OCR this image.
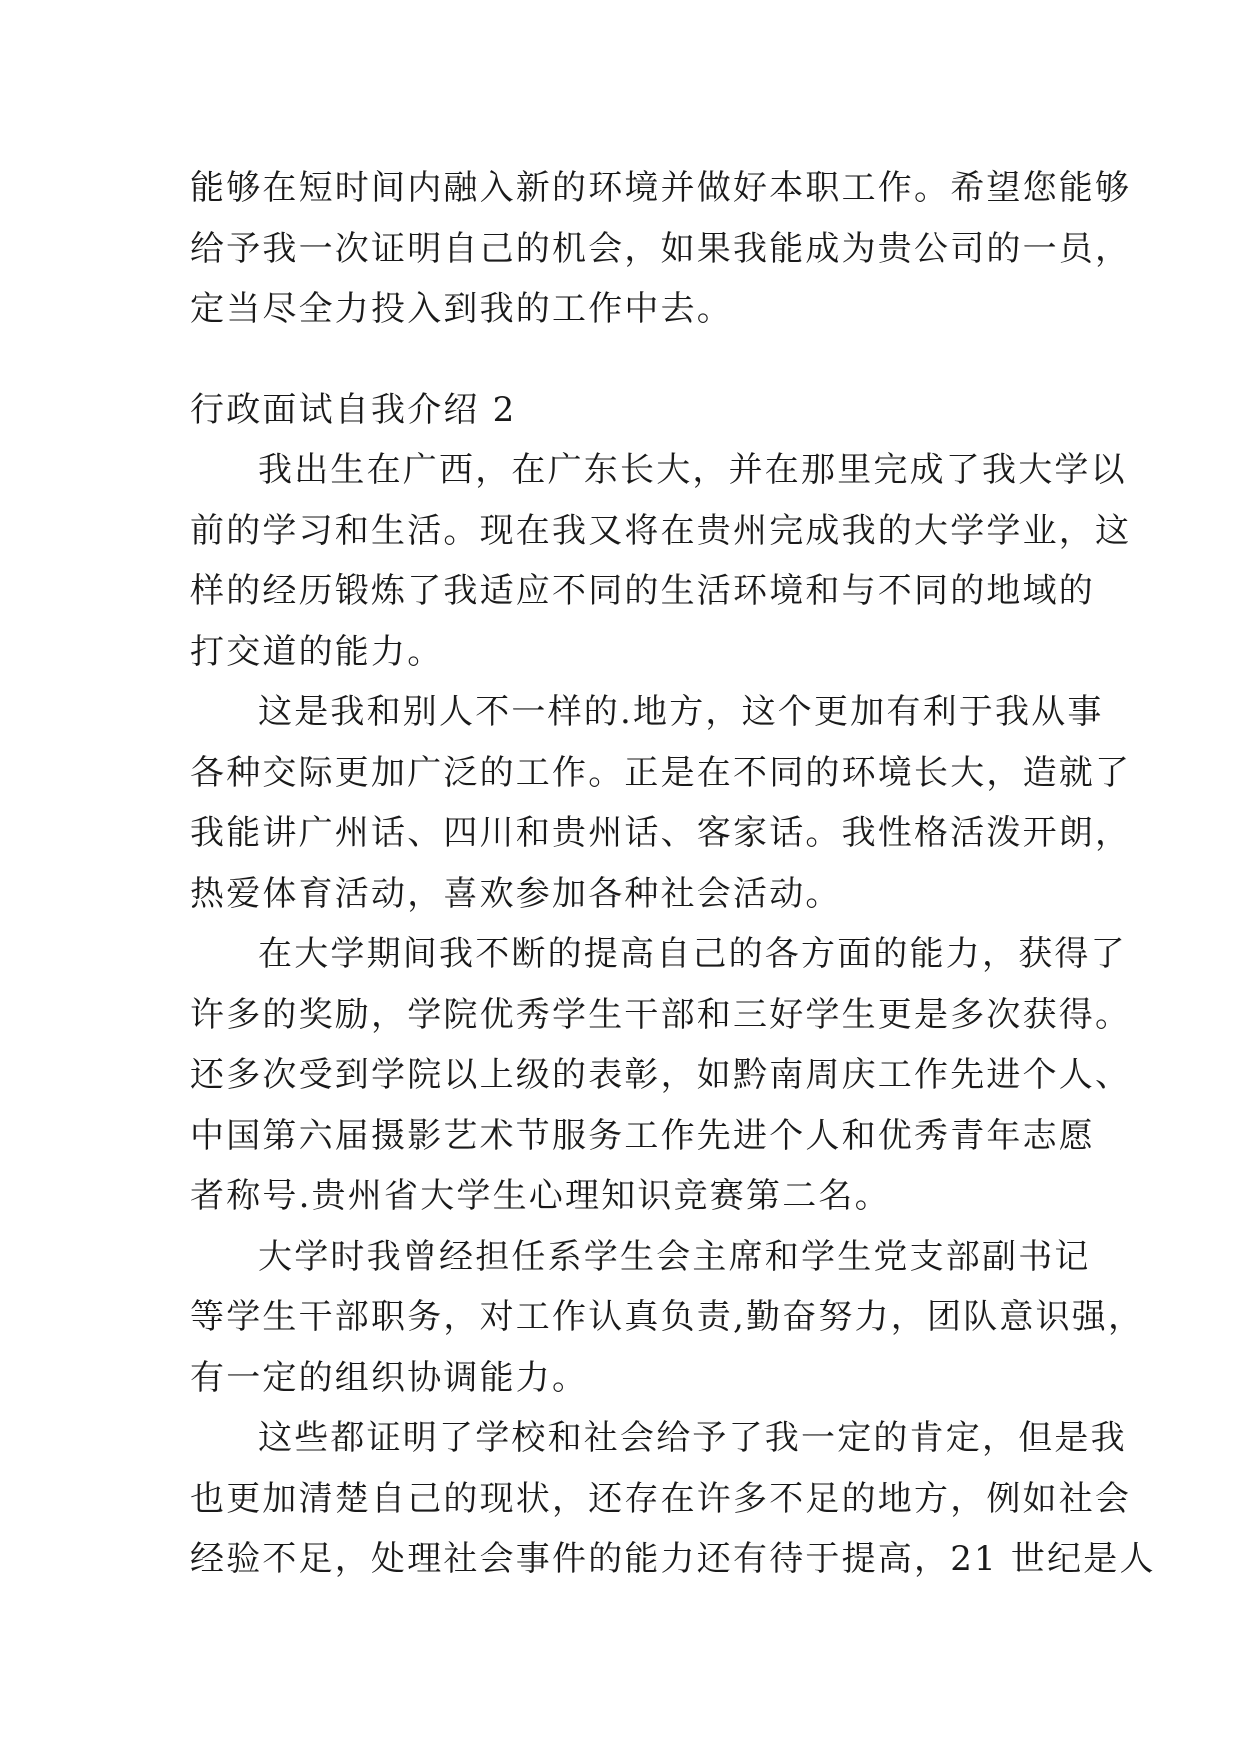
能够在短时间内融入新的环境并做好本职工作。希望您能够
给予我一次证明自己的机会，如果我能成为贵公司的一员，
定当尽全力投入到我的工作中去。
行政面试自我介绍 2
我出生在广西，在广东长大，并在那里完成了我大学以
前的学习和生活。现在我又将在贵州完成我的大学学业，这
样的经历锻炼了我适应不同的生活环境和与不同的地域的
打交道的能力。
这是我和别人不一样的.地方，这个更加有利于我从事
各种交际更加广泛的工作。正是在不同的环境长大，造就了
我能讲广州话、四川和贵州话、客家话。我性格活泼开朗，
热爱体育活动，喜欢参加各种社会活动。
在大学期间我不断的提高自己的各方面的能力，获得了
许多的奖励，学院优秀学生干部和三好学生更是多次获得。
还多次受到学院以上级的表彰，如黔南周庆工作先进个人、
中国第六届摄影艺术节服务工作先进个人和优秀青年志愿
者称号.贵州省大学生心理知识竞赛第二名。
大学时我曾经担任系学生会主席和学生党支部副书记
等学生干部职务，对工作认真负责,勤奋努力，团队意识强，
有一定的组织协调能力。
这些都证明了学校和社会给予了我一定的肯定，但是我
也更加清楚自己的现状，还存在许多不足的地方，例如社会
经验不足，处理社会事件的能力还有待于提高，21 世纪是人
